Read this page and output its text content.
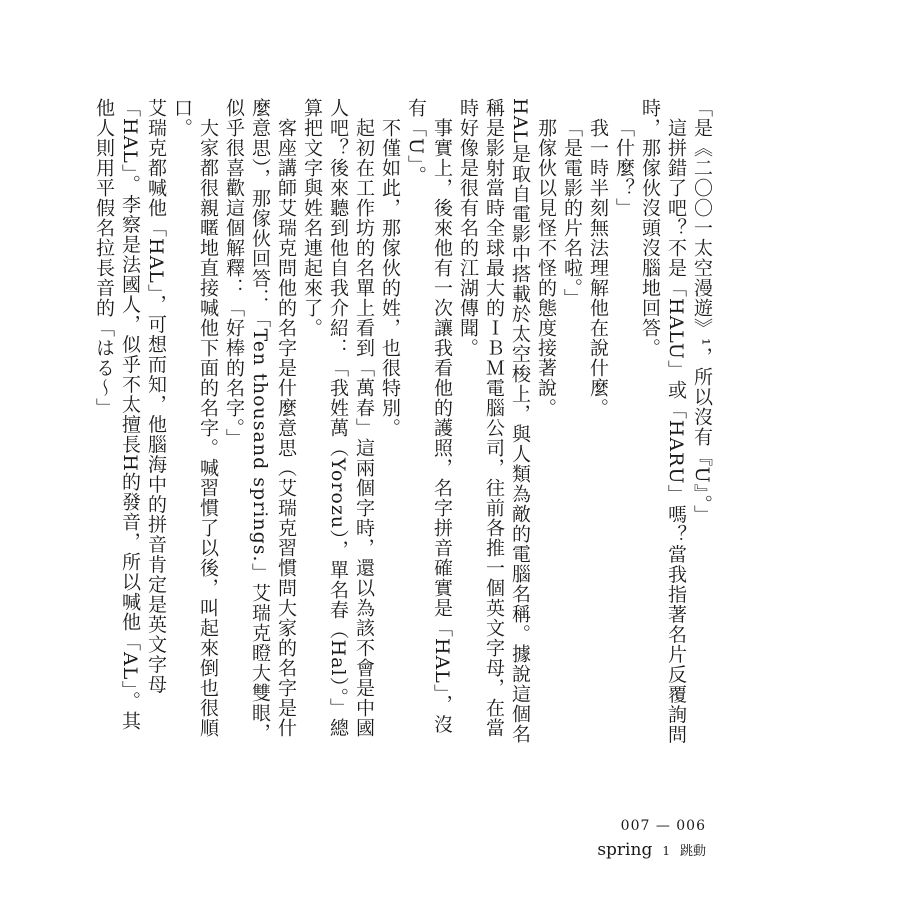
「是《二〇〇一太空漫遊》¹，所以沒有『U』。」

這拼錯了吧？不是「HALU」或「HARU」嗎？當我指著名片反覆詢問時，那傢伙沒頭沒腦地回答。

「什麼？」

我一時半刻無法理解他在說什麼。

「是電影的片名啦。」

那傢伙以見怪不怪的態度接著說。

HAL是取自電影中搭載於太空梭上，與人類為敵的電腦名稱。據說這個名稱是影射當時全球最大的ＩＢＭ電腦公司，往前各推一個英文字母，在當時好像是很有名的江湖傳聞。

事實上，後來他有一次讓我看他的護照，名字拼音確實是「HAL」，沒有「U」。

不僅如此，那傢伙的姓，也很特別。

起初在工作坊的名單上看到「萬春」這兩個字時，還以為該不會是中國人吧？後來聽到他自我介紹：「我姓萬（Yorozu），單名春（Hal）。」總算把文字與姓名連起來了。

客座講師艾瑞克問他的名字是什麼意思（艾瑞克習慣問大家的名字是什麼意思），那傢伙回答：「Ten thousand springs.」艾瑞克瞪大雙眼，似乎很喜歡這個解釋：「好棒的名字。」

大家都很親暱地直接喊他下面的名字。喊習慣了以後，叫起來倒也很順口。

艾瑞克都喊他「HAL」，可想而知，他腦海中的拼音肯定是英文字母「HAL」。李察是法國人，似乎不太擅長H的發音，所以喊他「AL」。其他人則用平假名拉長音的「はる～」

007 — 006
spring 1 跳動
